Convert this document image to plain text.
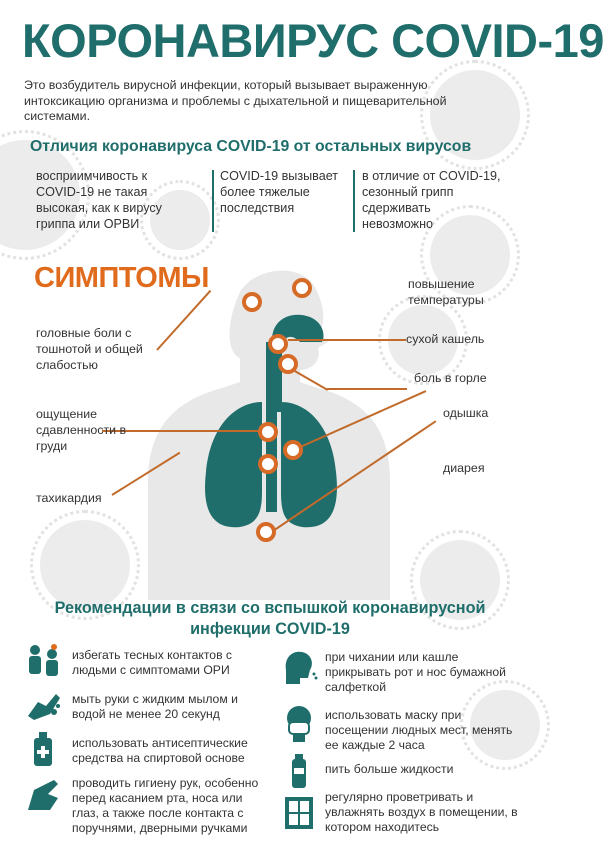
КОРОНАВИРУС COVID-19
Это возбудитель вирусной инфекции, который вызывает выраженную интоксикацию организма и проблемы с дыхательной и пищеварительной системами.
Отличия коронавируса COVID-19 от остальных вирусов
восприимчивость к COVID-19 не такая высокая, как к вирусу гриппа или ОРВИ
COVID-19 вызывает более тяжелые последствия
в отличие от COVID-19, сезонный грипп сдерживать невозможно
СИМПТОМЫ
головные боли с тошнотой и общей слабостью
ощущение сдавленности в груди
тахикардия
повышение температуры
сухой кашель
боль в горле
одышка
диарея
Рекомендации в связи со вспышкой коронавирусной инфекции COVID-19
избегать тесных контактов с людьми с симптомами ОРИ
мыть руки с жидким мылом и водой не менее 20 секунд
использовать антисептические средства на спиртовой основе
проводить гигиену рук, особенно перед касанием рта, носа или глаз, а также после контакта с поручнями, дверными ручками
при чихании или кашле прикрывать рот и нос бумажной салфеткой
использовать маску при посещении людных мест, менять ее каждые 2 часа
пить больше жидкости
регулярно проветривать и увлажнять воздух в помещении, в котором находитесь
